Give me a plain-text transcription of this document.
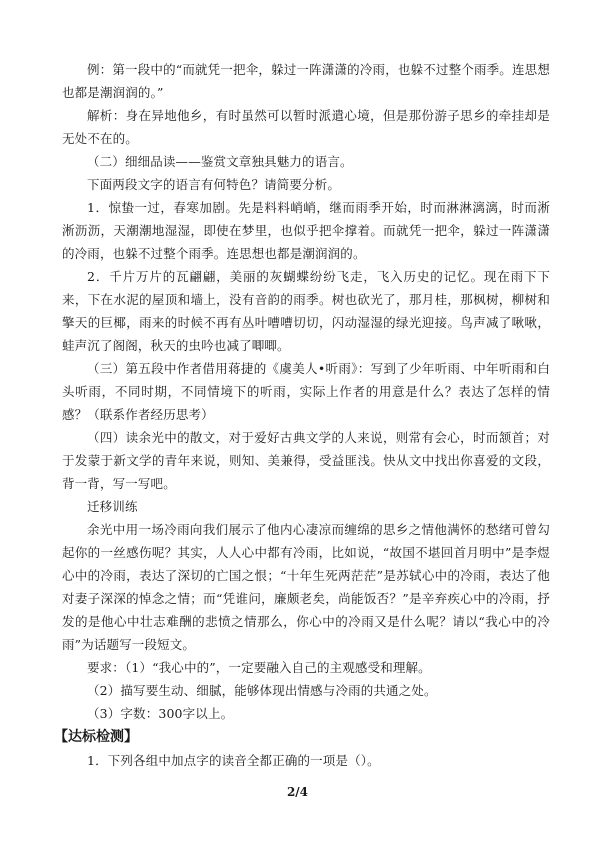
例：第一段中的“而就凭一把伞，躲过一阵潇潇的冷雨，也躲不过整个雨季。连思想也都是潮润润的。”

解析：身在异地他乡，有时虽然可以暂时派遣心境，但是那份游子思乡的牵挂却是无处不在的。

（二）细细品读——鉴赏文章独具魅力的语言。

下面两段文字的语言有何特色？请简要分析。

1．惊蛰一过，春寒加剧。先是料料峭峭，继而雨季开始，时而淋淋漓漓，时而淅淅沥沥，天潮潮地湿湿，即使在梦里，也似乎把伞撑着。而就凭一把伞，躲过一阵潇潇的冷雨，也躲不过整个雨季。连思想也都是潮润润的。

2．千片万片的瓦翩翩，美丽的灰蝴蝶纷纷飞走，飞入历史的记忆。现在雨下下来，下在水泥的屋顶和墙上，没有音韵的雨季。树也砍光了，那月桂，那枫树，柳树和擎天的巨椰，雨来的时候不再有丛叶嘈嘈切切，闪动湿湿的绿光迎接。鸟声减了啾啾，蛙声沉了阁阁，秋天的虫吟也减了唧唧。

（三）第五段中作者借用蒋捷的《虞美人•听雨》：写到了少年听雨、中年听雨和白头听雨，不同时期，不同情境下的听雨，实际上作者的用意是什么？表达了怎样的情感？（联系作者经历思考）

（四）读余光中的散文，对于爱好古典文学的人来说，则常有会心，时而颔首；对于发蒙于新文学的青年来说，则知、美兼得，受益匪浅。快从文中找出你喜爱的文段，背一背，写一写吧。

迁移训练

余光中用一场冷雨向我们展示了他内心凄凉而缠绵的思乡之情他满怀的愁绪可曾勾起你的一丝感伤呢？其实，人人心中都有冷雨，比如说，“故国不堪回首月明中”是李煜心中的冷雨，表达了深切的亡国之恨；“十年生死两茫茫”是苏轼心中的冷雨，表达了他对妻子深深的悼念之情；而“凭谁问，廉颇老矣，尚能饭否？”是辛弃疾心中的冷雨，抒发的是他心中壮志难酬的悲愤之情那么，你心中的冷雨又是什么呢？请以“我心中的冷雨”为话题写一段短文。

要求：（1）“我心中的”，一定要融入自己的主观感受和理解。

（2）描写要生动、细腻，能够体现出情感与冷雨的共通之处。

（3）字数：300字以上。

【达标检测】

1．下列各组中加点字的读音全都正确的一项是（）。

2/4
